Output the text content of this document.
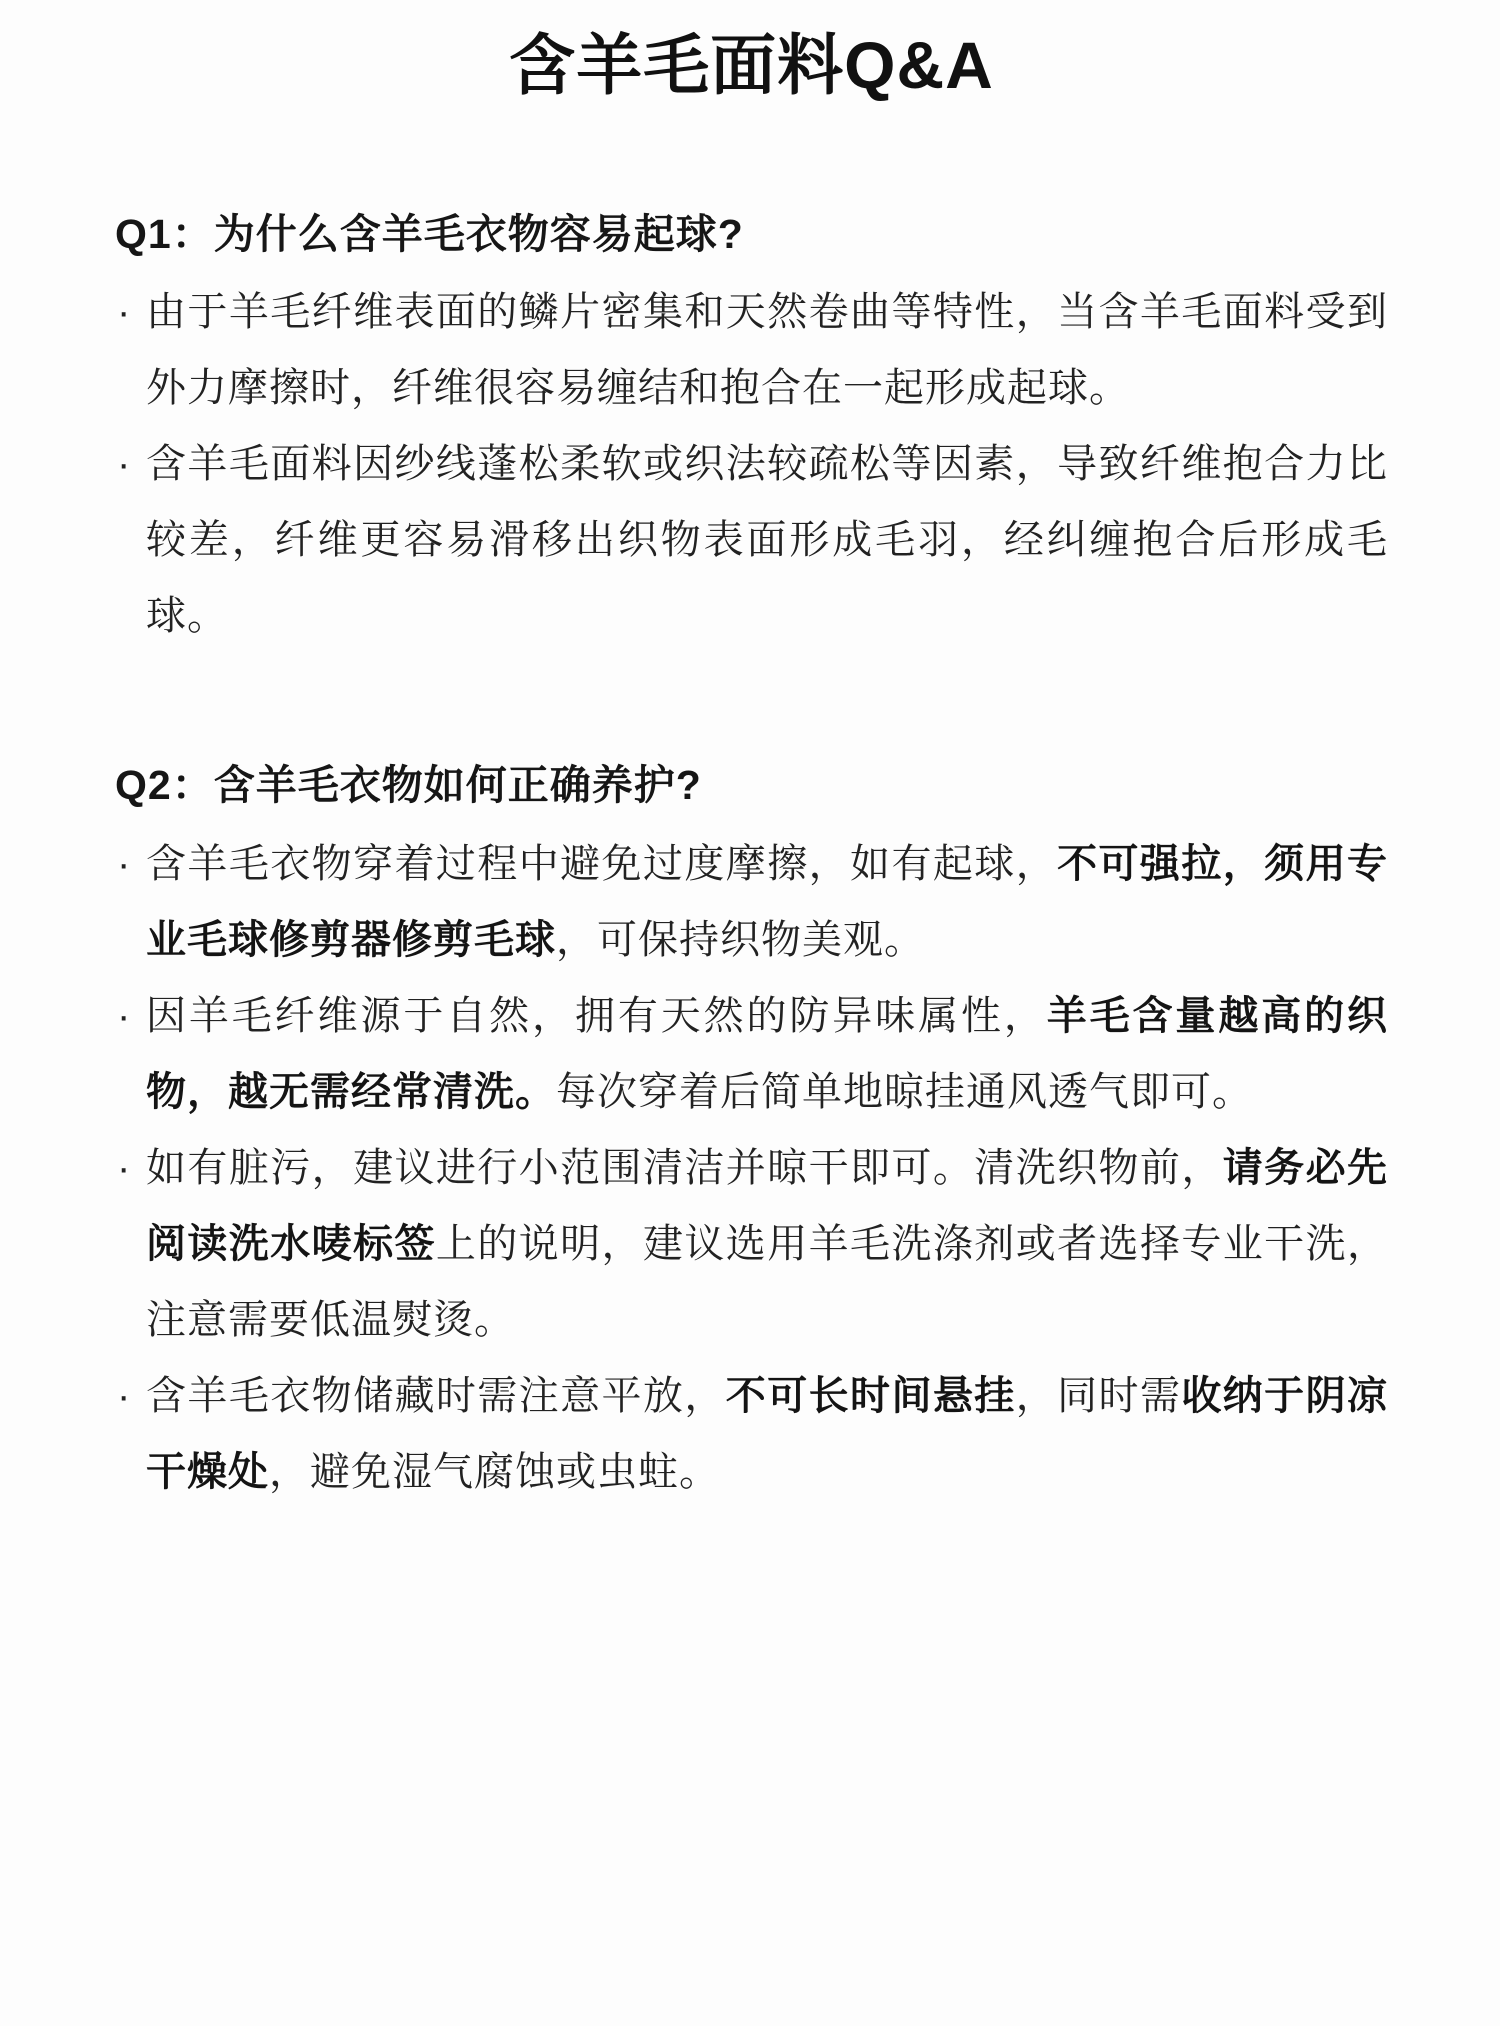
含羊毛面料Q&A
Q1：为什么含羊毛衣物容易起球?
· 由于羊毛纤维表面的鳞片密集和天然卷曲等特性，当含羊毛面料受到外力摩擦时，纤维很容易缠结和抱合在一起形成起球。
· 含羊毛面料因纱线蓬松柔软或织法较疏松等因素，导致纤维抱合力比较差，纤维更容易滑移出织物表面形成毛羽，经纠缠抱合后形成毛球。
Q2：含羊毛衣物如何正确养护?
· 含羊毛衣物穿着过程中避免过度摩擦，如有起球，不可强拉，须用专业毛球修剪器修剪毛球，可保持织物美观。
· 因羊毛纤维源于自然，拥有天然的防异味属性，羊毛含量越高的织物，越无需经常清洗。每次穿着后简单地晾挂通风透气即可。
· 如有脏污，建议进行小范围清洁并晾干即可。清洗织物前，请务必先阅读洗水唛标签上的说明，建议选用羊毛洗涤剂或者选择专业干洗，注意需要低温熨烫。
· 含羊毛衣物储藏时需注意平放，不可长时间悬挂，同时需收纳于阴凉干燥处，避免湿气腐蚀或虫蛀。
